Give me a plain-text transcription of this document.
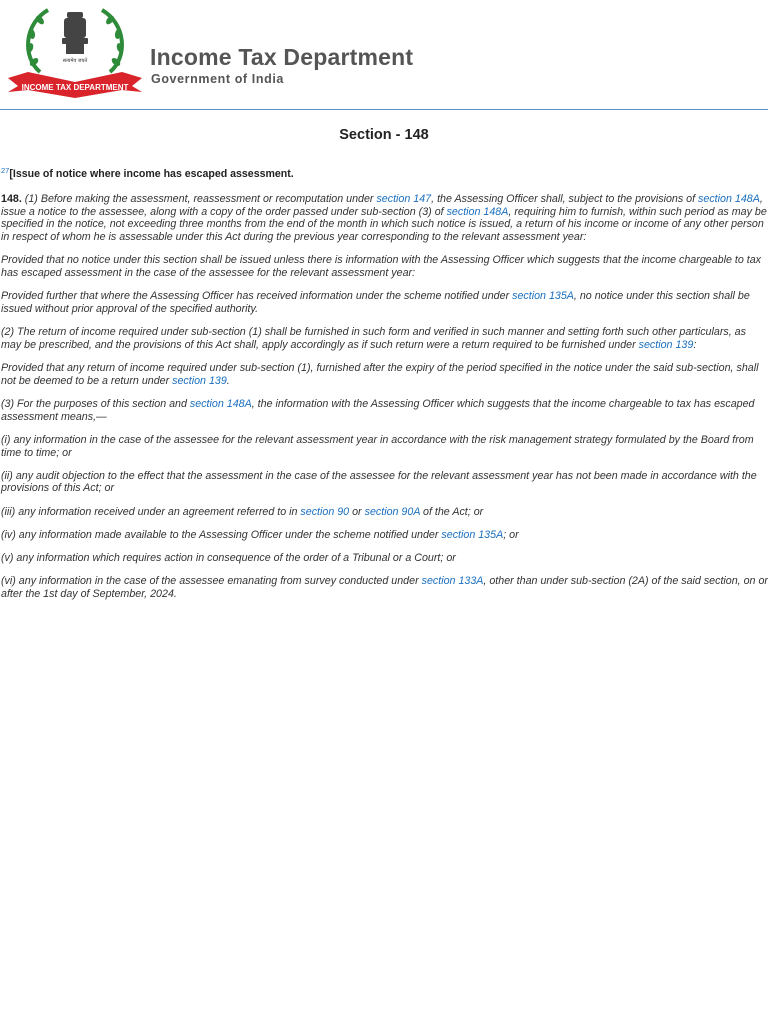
सत्यमेव जयते
INCOME TAX DEPARTMENT
Income Tax Department
Government of India
Section - 148
$^{27}$[Issue of notice where income has escaped assessment.

148. (1) Before making the assessment, reassessment or recomputation under section 147, the Assessing Officer shall, subject to the provisions of section 148A, issue a notice to the assessee, along with a copy of the order passed under sub-section (3) of section 148A, requiring him to furnish, within such period as may be specified in the notice, not exceeding three months from the end of the month in which such notice is issued, a return of his income or income of any other person in respect of whom he is assessable under this Act during the previous year corresponding to the relevant assessment year:

Provided that no notice under this section shall be issued unless there is information with the Assessing Officer which suggests that the income chargeable to tax has escaped assessment in the case of the assessee for the relevant assessment year:

Provided further that where the Assessing Officer has received information under the scheme notified under section 135A, no notice under this section shall be issued without prior approval of the specified authority.

(2) The return of income required under sub-section (1) shall be furnished in such form and verified in such manner and setting forth such other particulars, as may be prescribed, and the provisions of this Act shall, apply accordingly as if such return were a return required to be furnished under section 139:

Provided that any return of income required under sub-section (1), furnished after the expiry of the period specified in the notice under the said sub-section, shall not be deemed to be a return under section 139.

(3) For the purposes of this section and section 148A, the information with the Assessing Officer which suggests that the income chargeable to tax has escaped assessment means,—

(i) any information in the case of the assessee for the relevant assessment year in accordance with the risk management strategy formulated by the Board from time to time; or

(ii) any audit objection to the effect that the assessment in the case of the assessee for the relevant assessment year has not been made in accordance with the provisions of this Act; or

(iii) any information received under an agreement referred to in section 90 or section 90A of the Act; or

(iv) any information made available to the Assessing Officer under the scheme notified under section 135A; or

(v) any information which requires action in consequence of the order of a Tribunal or a Court; or

(vi) any information in the case of the assessee emanating from survey conducted under section 133A, other than under sub-section (2A) of the said section, on or after the 1st day of September, 2024.
